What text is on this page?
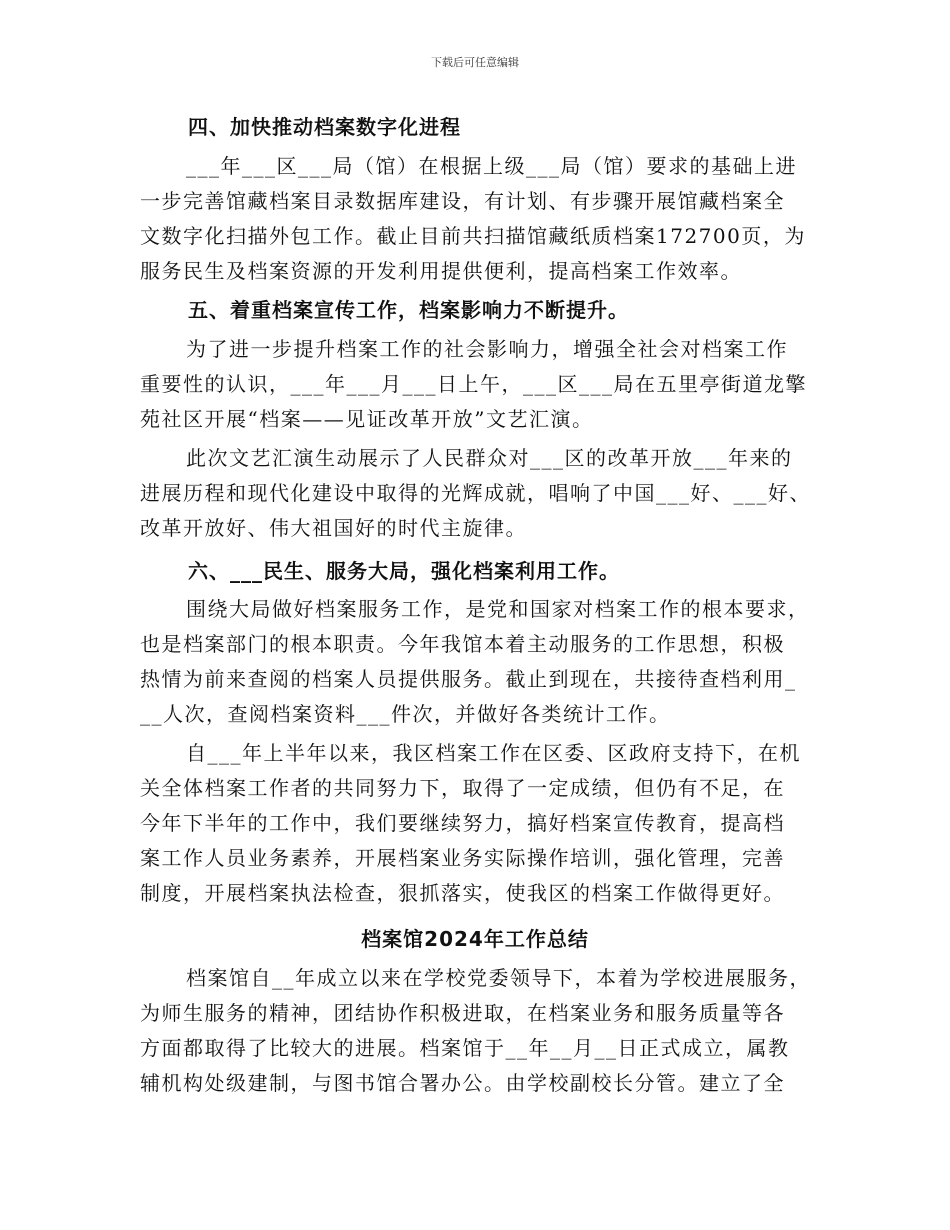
下载后可任意编辑
四、加快推动档案数字化进程
___年___区___局（馆）在根据上级___局（馆）要求的基础上进
一步完善馆藏档案目录数据库建设，有计划、有步骤开展馆藏档案全
文数字化扫描外包工作。截止目前共扫描馆藏纸质档案172700页，为
服务民生及档案资源的开发利用提供便利，提高档案工作效率。
五、着重档案宣传工作，档案影响力不断提升。
为了进一步提升档案工作的社会影响力，增强全社会对档案工作
重要性的认识，___年___月___日上午，___区___局在五里亭街道龙擎
苑社区开展“档案——见证改革开放”文艺汇演。
此次文艺汇演生动展示了人民群众对___区的改革开放___年来的
进展历程和现代化建设中取得的光辉成就，唱响了中国___好、___好、
改革开放好、伟大祖国好的时代主旋律。
六、___民生、服务大局，强化档案利用工作。
围绕大局做好档案服务工作，是党和国家对档案工作的根本要求，
也是档案部门的根本职责。今年我馆本着主动服务的工作思想，积极
热情为前来查阅的档案人员提供服务。截止到现在，共接待查档利用_
__人次，查阅档案资料___件次，并做好各类统计工作。
自___年上半年以来，我区档案工作在区委、区政府支持下，在机
关全体档案工作者的共同努力下，取得了一定成绩，但仍有不足，在
今年下半年的工作中，我们要继续努力，搞好档案宣传教育，提高档
案工作人员业务素养，开展档案业务实际操作培训，强化管理，完善
制度，开展档案执法检查，狠抓落实，使我区的档案工作做得更好。
档案馆2024年工作总结
档案馆自__年成立以来在学校党委领导下，本着为学校进展服务，
为师生服务的精神，团结协作积极进取，在档案业务和服务质量等各
方面都取得了比较大的进展。档案馆于__年__月__日正式成立，属教
辅机构处级建制，与图书馆合署办公。由学校副校长分管。建立了全
